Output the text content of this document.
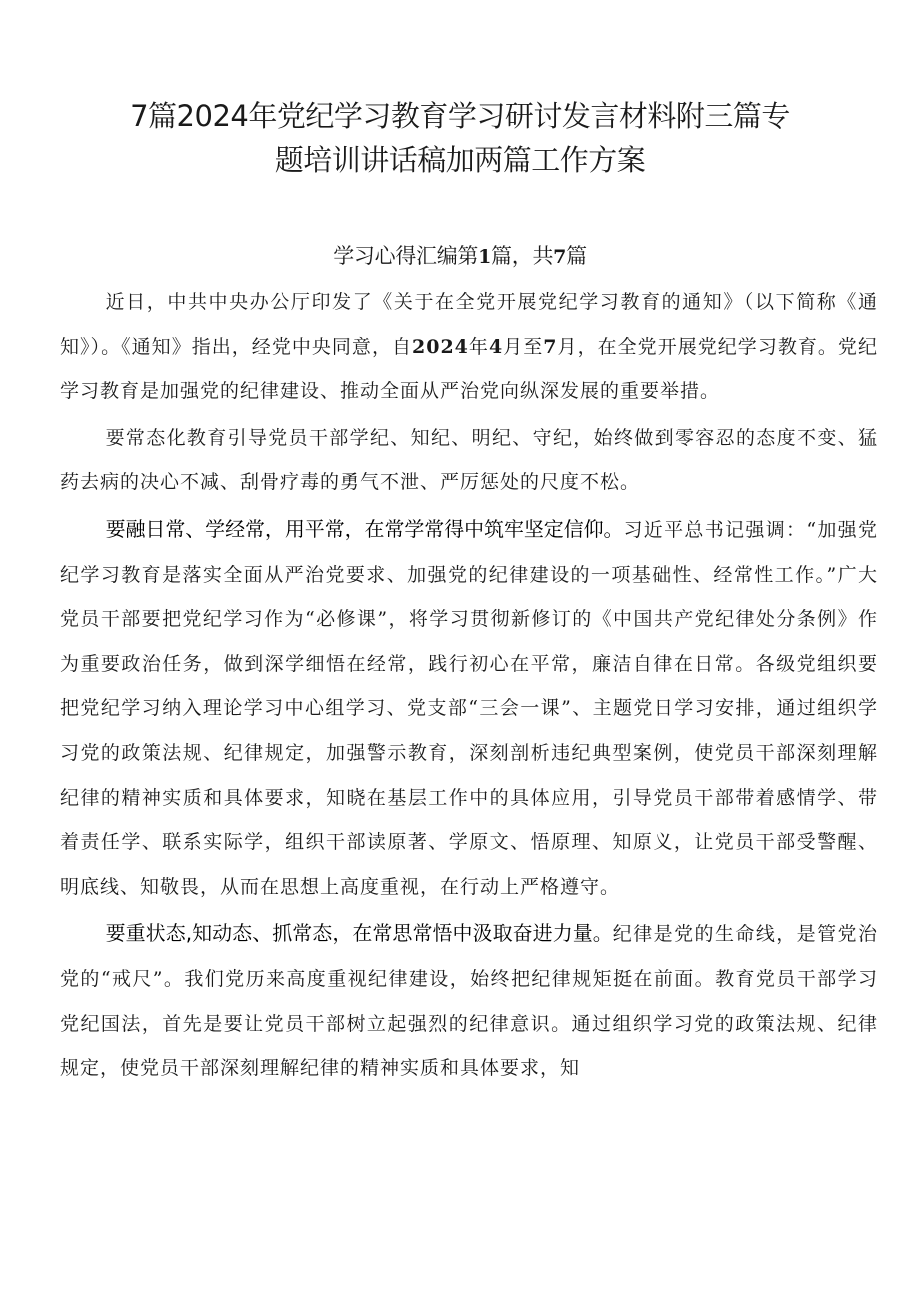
7篇2024年党纪学习教育学习研讨发言材料附三篇专
题培训讲话稿加两篇工作方案

学习心得汇编第1篇，共7篇

近日，中共中央办公厅印发了《关于在全党开展党纪学习教育的通知》（以下简称《通知》）。《通知》指出，经党中央同意，自2024年4月至7月，在全党开展党纪学习教育。党纪学习教育是加强党的纪律建设、推动全面从严治党向纵深发展的重要举措。

要常态化教育引导党员干部学纪、知纪、明纪、守纪，始终做到零容忍的态度不变、猛药去病的决心不减、刮骨疗毒的勇气不泄、严厉惩处的尺度不松。

要融日常、学经常，用平常，在常学常得中筑牢坚定信仰。习近平总书记强调：“加强党纪学习教育是落实全面从严治党要求、加强党的纪律建设的一项基础性、经常性工作。”广大党员干部要把党纪学习作为“必修课”，将学习贯彻新修订的《中国共产党纪律处分条例》作为重要政治任务，做到深学细悟在经常，践行初心在平常，廉洁自律在日常。各级党组织要把党纪学习纳入理论学习中心组学习、党支部“三会一课”、主题党日学习安排，通过组织学习党的政策法规、纪律规定，加强警示教育，深刻剖析违纪典型案例，使党员干部深刻理解纪律的精神实质和具体要求，知晓在基层工作中的具体应用，引导党员干部带着感情学、带着责任学、联系实际学，组织干部读原著、学原文、悟原理、知原义，让党员干部受警醒、明底线、知敬畏，从而在思想上高度重视，在行动上严格遵守。

要重状态,知动态、抓常态，在常思常悟中汲取奋进力量。纪律是党的生命线，是管党治党的“戒尺”。我们党历来高度重视纪律建设，始终把纪律规矩挺在前面。教育党员干部学习党纪国法，首先是要让党员干部树立起强烈的纪律意识。通过组织学习党的政策法规、纪律规定，使党员干部深刻理解纪律的精神实质和具体要求，知
